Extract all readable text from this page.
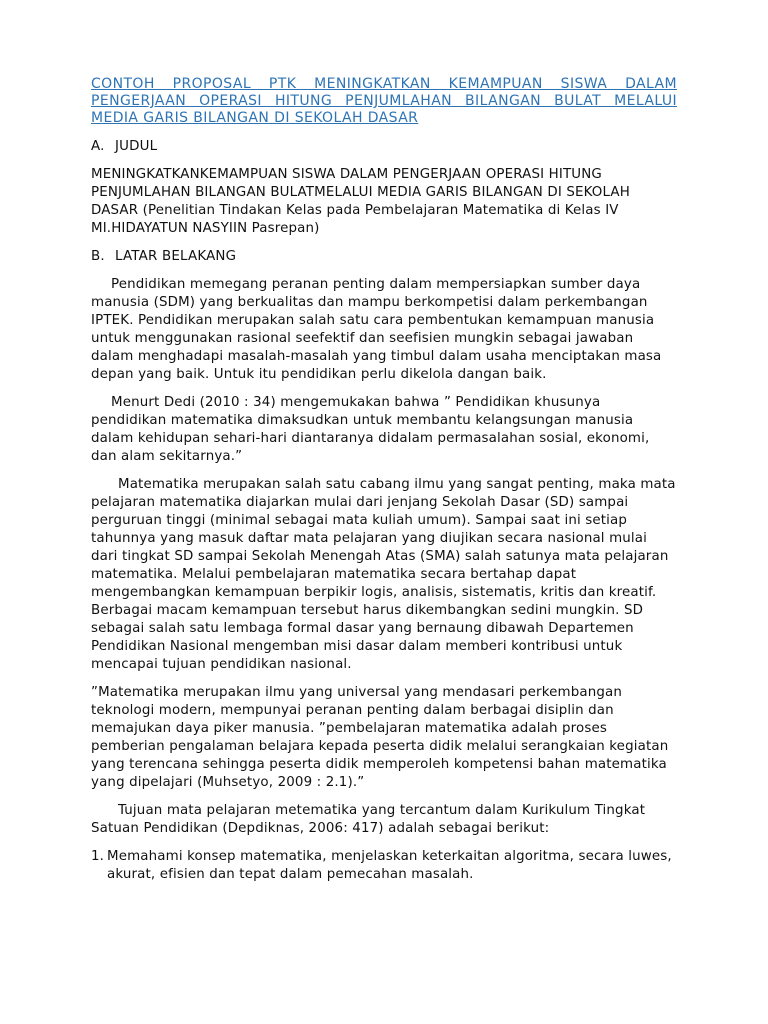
CONTOH PROPOSAL PTK MENINGKATKAN KEMAMPUAN SISWA DALAM PENGERJAAN OPERASI HITUNG PENJUMLAHAN BILANGAN BULAT MELALUI MEDIA GARIS BILANGAN DI SEKOLAH DASAR

A. JUDUL

MENINGKATKANKEMAMPUAN SISWA DALAM PENGERJAAN OPERASI HITUNG PENJUMLAHAN BILANGAN BULATMELALUI MEDIA GARIS BILANGAN DI SEKOLAH DASAR (Penelitian Tindakan Kelas pada Pembelajaran Matematika di Kelas IV MI.HIDAYATUN NASYIIN Pasrepan)

B. LATAR BELAKANG

Pendidikan memegang peranan penting dalam mempersiapkan sumber daya manusia (SDM) yang berkualitas dan mampu berkompetisi dalam perkembangan IPTEK. Pendidikan merupakan salah satu cara pembentukan kemampuan manusia untuk menggunakan rasional seefektif dan seefisien mungkin sebagai jawaban dalam menghadapi masalah-masalah yang timbul dalam usaha menciptakan masa depan yang baik. Untuk itu pendidikan perlu dikelola dangan baik.

Menurt Dedi (2010 : 34) mengemukakan bahwa ” Pendidikan khusunya pendidikan matematika dimaksudkan untuk membantu kelangsungan manusia dalam kehidupan sehari-hari diantaranya didalam permasalahan sosial, ekonomi, dan alam sekitarnya.”

Matematika merupakan salah satu cabang ilmu yang sangat penting, maka mata pelajaran matematika diajarkan mulai dari jenjang Sekolah Dasar (SD) sampai perguruan tinggi (minimal sebagai mata kuliah umum). Sampai saat ini setiap tahunnya yang masuk daftar mata pelajaran yang diujikan secara nasional mulai dari tingkat SD sampai Sekolah Menengah Atas (SMA) salah satunya mata pelajaran matematika. Melalui pembelajaran matematika secara bertahap dapat mengembangkan kemampuan berpikir logis, analisis, sistematis, kritis dan kreatif. Berbagai macam kemampuan tersebut harus dikembangkan sedini mungkin. SD sebagai salah satu lembaga formal dasar yang bernaung dibawah Departemen Pendidikan Nasional mengemban misi dasar dalam memberi kontribusi untuk mencapai tujuan pendidikan nasional.

”Matematika merupakan ilmu yang universal yang mendasari perkembangan teknologi modern, mempunyai peranan penting dalam berbagai disiplin dan memajukan daya piker manusia. ”pembelajaran matematika adalah proses pemberian pengalaman belajara kepada peserta didik melalui serangkaian kegiatan yang terencana sehingga peserta didik memperoleh kompetensi bahan matematika yang dipelajari (Muhsetyo, 2009 : 2.1).”

Tujuan mata pelajaran metematika yang tercantum dalam Kurikulum Tingkat Satuan Pendidikan (Depdiknas, 2006: 417) adalah sebagai berikut:

1. Memahami konsep matematika, menjelaskan keterkaitan algoritma, secara luwes, akurat, efisien dan tepat dalam pemecahan masalah.
